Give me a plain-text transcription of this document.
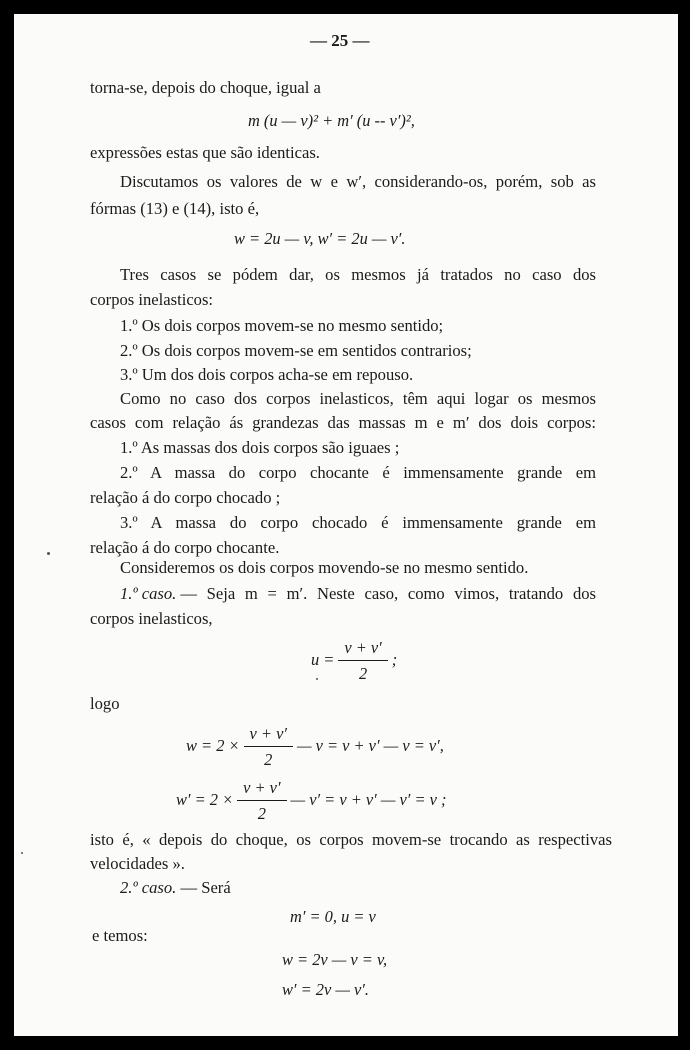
— 25 —
torna-se, depois do choque, igual a
m (u — v)² + m′ (u -- v′)²,
expressões estas que são identicas.
Discutamos os valores de w e w′, considerando-os, porém, sob as
fórmas (13) e (14), isto é,
w = 2u — v, w′ = 2u — v′.
Tres casos se pódem dar, os mesmos já tratados no caso dos
corpos inelasticos:
1.º Os dois corpos movem-se no mesmo sentido;
2.º Os dois corpos movem-se em sentidos contrarios;
3.º Um dos dois corpos acha-se em repouso.
Como no caso dos corpos inelasticos, têm aqui logar os mesmos
casos com relação ás grandezas das massas m e m′ dos dois corpos:
1.º As massas dos dois corpos são iguaes ;
2.º A massa do corpo chocante é immensamente grande em
relação á do corpo chocado ;
3.º A massa do corpo chocado é immensamente grande em
relação á do corpo chocante.
Consideremos os dois corpos movendo-se no mesmo sentido.
1.º caso. — Seja m = m′. Neste caso, como vimos, tratando dos
corpos inelasticos,
$u = \frac{v + v'}{2}$ ;
logo
$w = 2 \times \frac{v + v'}{2}$ — v = v + v′ — v = v′,
$w' = 2 \times \frac{v + v'}{2}$ — v′ = v + v′ — v′ = v ;
isto é, « depois do choque, os corpos movem-se trocando as respectivas
velocidades ».
2.º caso. — Será
m′ = 0, u = v
e temos:
w = 2v — v = v,
w′ = 2v — v′.
